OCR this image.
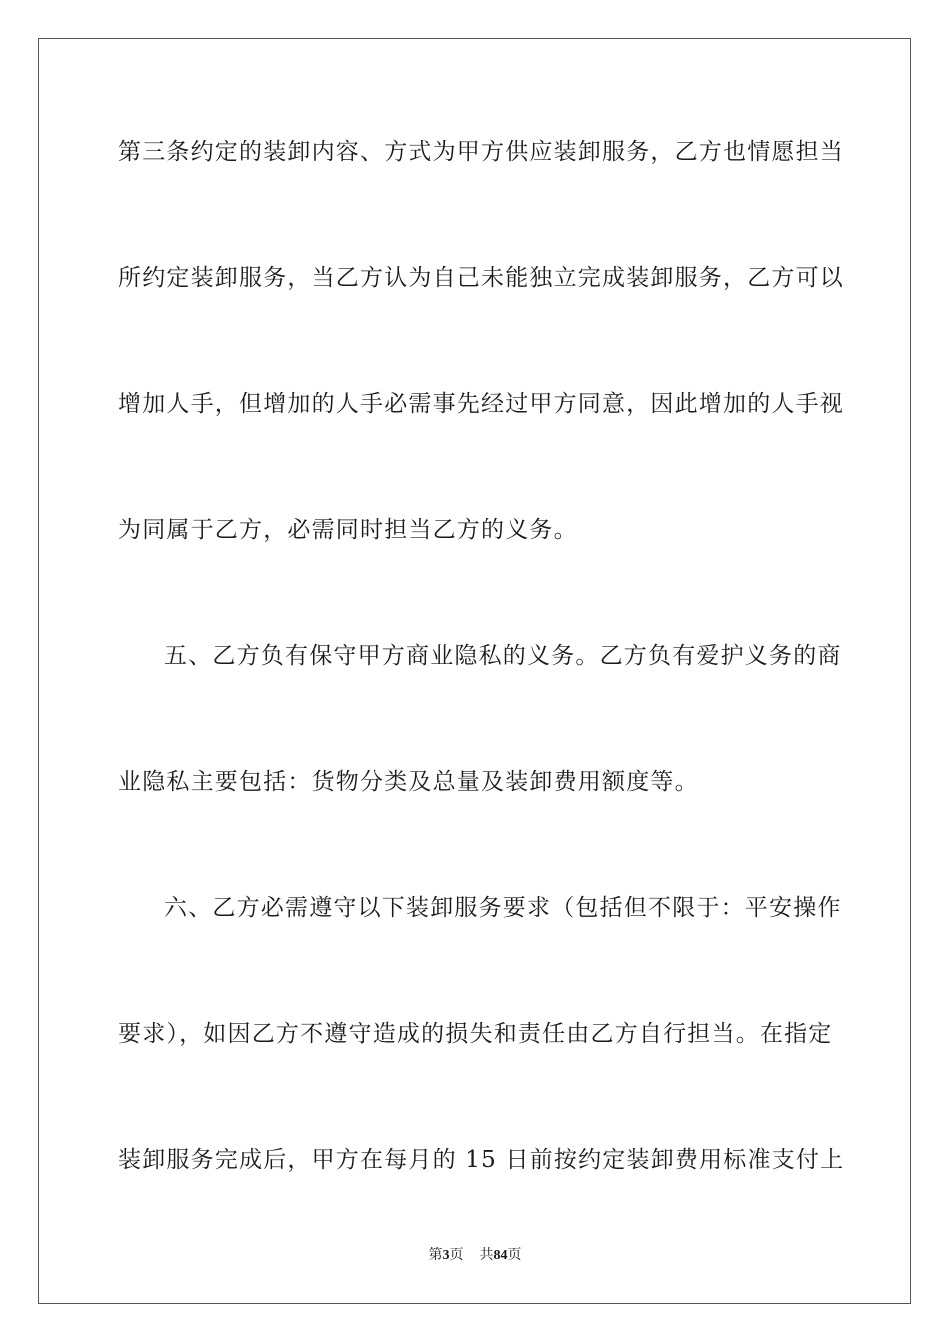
第三条约定的装卸内容、方式为甲方供应装卸服务，乙方也情愿担当
所约定装卸服务，当乙方认为自己未能独立完成装卸服务，乙方可以
增加人手，但增加的人手必需事先经过甲方同意，因此增加的人手视
为同属于乙方，必需同时担当乙方的义务。
五、乙方负有保守甲方商业隐私的义务。乙方负有爱护义务的商
业隐私主要包括：货物分类及总量及装卸费用额度等。
六、乙方必需遵守以下装卸服务要求（包括但不限于：平安操作
要求），如因乙方不遵守造成的损失和责任由乙方自行担当。在指定
装卸服务完成后，甲方在每月的 15 日前按约定装卸费用标准支付上
第3页 共84页
